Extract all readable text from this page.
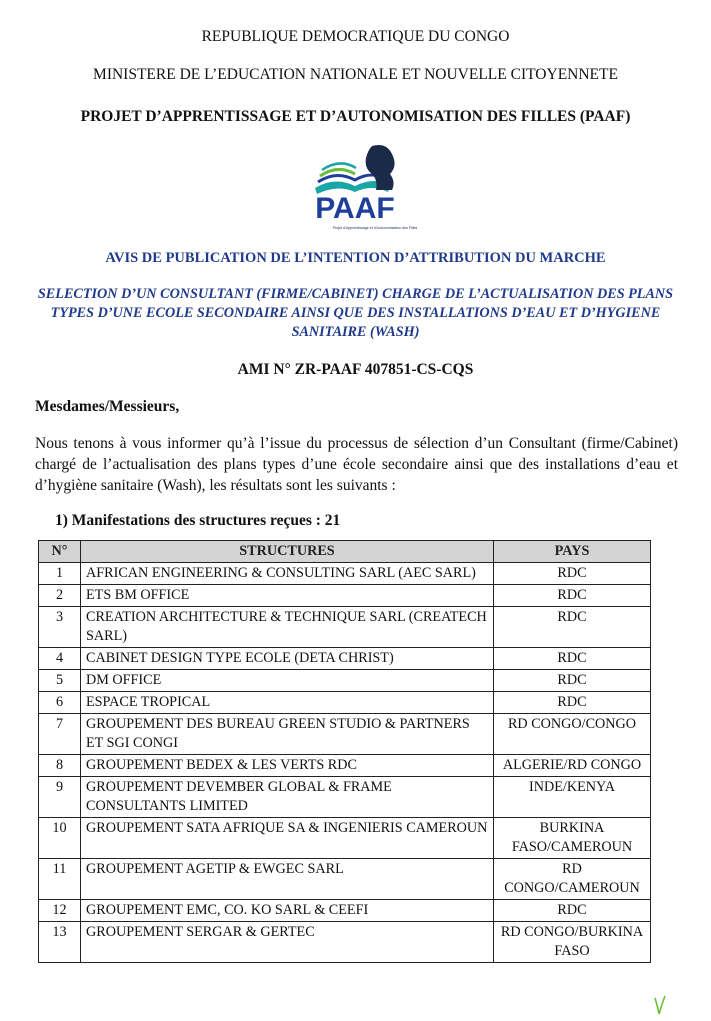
REPUBLIQUE DEMOCRATIQUE DU CONGO
MINISTERE DE L’EDUCATION NATIONALE ET NOUVELLE CITOYENNETE
PROJET D’APPRENTISSAGE ET D’AUTONOMISATION DES FILLES (PAAF)
PAAF
Projet d'Apprentissage et d'Autonomisation des Filles
AVIS DE PUBLICATION DE L’INTENTION D’ATTRIBUTION DU MARCHE
SELECTION D’UN CONSULTANT (FIRME/CABINET) CHARGE DE L’ACTUALISATION DES PLANS TYPES D’UNE ECOLE SECONDAIRE AINSI QUE DES INSTALLATIONS D’EAU ET D’HYGIENE SANITAIRE (WASH)
AMI N° ZR-PAAF 407851-CS-CQS
Mesdames/Messieurs,
Nous tenons à vous informer qu’à l’issue du processus de sélection d’un Consultant (firme/Cabinet) chargé de l’actualisation des plans types d’une école secondaire ainsi que des installations d’eau et d’hygiène sanitaire (Wash), les résultats sont les suivants :
1) Manifestations des structures reçues : 21
N°	STRUCTURES	PAYS
1	AFRICAN ENGINEERING & CONSULTING SARL (AEC SARL)	RDC
2	ETS BM OFFICE	RDC
3	CREATION ARCHITECTURE & TECHNIQUE SARL (CREATECH SARL)	RDC
4	CABINET DESIGN TYPE ECOLE (DETA CHRIST)	RDC
5	DM OFFICE	RDC
6	ESPACE TROPICAL	RDC
7	GROUPEMENT DES BUREAU GREEN STUDIO & PARTNERS ET SGI CONGI	RD CONGO/CONGO
8	GROUPEMENT BEDEX & LES VERTS RDC	ALGERIE/RD CONGO
9	GROUPEMENT DEVEMBER GLOBAL & FRAME CONSULTANTS LIMITED	INDE/KENYA
10	GROUPEMENT SATA AFRIQUE SA & INGENIERIS CAMEROUN	BURKINA FASO/CAMEROUN
11	GROUPEMENT AGETIP & EWGEC SARL	RD CONGO/CAMEROUN
12	GROUPEMENT EMC, CO. KO SARL & CEEFI	RDC
13	GROUPEMENT SERGAR & GERTEC	RD CONGO/BURKINA FASO
